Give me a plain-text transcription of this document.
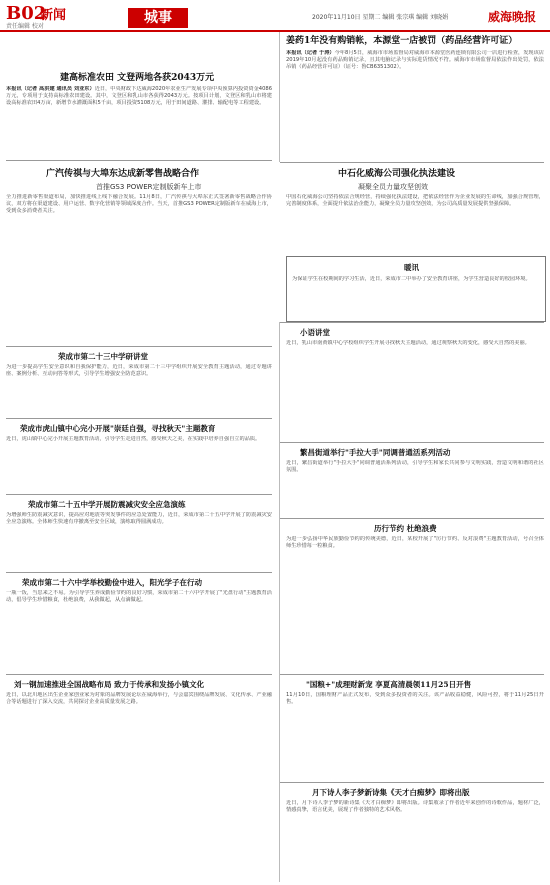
B02
新闻
责任编辑 校对
城事	2020年11月10日 星期二 编辑 张宗琪 编辑 刘晓娟	威海晚报
建高标准农田 文登两地各获2043万元
本报讯（记者 高洪建 通讯员 刘亚东）近日，中央财政下达威海2020年农业生产发展专项中央预算内投资资金4086万元，专项用于支持高标准农田建设。其中，文登区和乳山市各获得2043万元。按项目计划，文登区和乳山市将建设高标准农田4万亩，新增节水灌溉面积5千亩，项目投资5108万元，用于田间道路、灌排、输配电等工程建设。
姜药1年没有购销帐，本源堂一店被罚（药品经营许可证）
本报讯（记者 于涛）今年8月5日，威海市市场监督局对威海市本源堂医药连锁有限公司一店进行检查，发现该店2019年10月起没有药品购销记录，且其电脑记录与实际进货情况不符。威海市市场监督局依法作出处罚，依法吊销（药品经营许可证）（证号：鲁CB6351302）。
广汽传祺与大埠东达成新零售战略合作
首推GS3 POWER定制版新车上市
全力推进新零售渠道布局，加快推进线上线下融合发展。11月8日，广汽传祺与大埠东正式签署新零售战略合作协议，双方将在渠道建设、用户运营、数字化营销等领域深度合作。当天，首推GS3 POWER定制版新车在威海上市，受到众多消费者关注。
中石化威海公司强化执法建设
凝聚全员力量攻坚创效
中国石化威海公司坚持依法合规经营，持续强化执法建设，把依法经营作为企业发展的生命线，加强合规管理，完善制度体系，全面提升依法治企能力，凝聚全员力量攻坚创效，为公司高质量发展提供坚强保障。
荣成市第二十三中学研讲堂
为进一步提高学生安全意识和自我保护能力，近日，荣成市第二十三中学组织开展安全教育主题活动，通过专题讲座、案例分析、互动问答等形式，引导学生增强安全防范意识。
暖讯
为保证学生在校期间的学习生活，近日，荣成市二中举办了安全教育讲座，为学生营造良好的校园环境。
荣成市虎山镇中心完小开展"崇廷自强，寻找秋天"主题教育
近日，虎山镇中心完小开展主题教育活动，引导学生走进自然，感受秋天之美，在实践中培养自强自立的品质。
小语讲堂
近日，乳山市南黄镇中心学校组织学生开展寻找秋天主题活动，通过观察秋天的变化，感受大自然的美丽。
荣成市第二十五中学开展防震减灾安全应急演练
为增强师生防震减灾意识，提高应对地震等突发事件的应急处置能力，近日，荣成市第二十五中学开展了防震减灾安全应急演练。全体师生快速有序撤离至安全区域，演练取得圆满成功。
繁昌街道举行"手拉大手"同调普通活系列活动
近日，繁昌街道举行"手拉大手"同调普通活系列活动，引导学生和家长共同参与文明实践，营造文明和谐的社区氛围。
荣成市第二十六中学举校勤俭中进入，阳光学子在行动
一瓶一饭，当思来之不易。为引导学生养成勤俭节约的良好习惯，荣成市第二十六中学开展了"光盘行动"主题教育活动，倡导学生珍惜粮食，杜绝浪费，从我做起，从点滴做起。
历行节约 杜绝浪费
为进一步弘扬中华民族勤俭节约的传统美德，近日，某校开展了"厉行节约、反对浪费"主题教育活动，号召全体师生珍惜每一粒粮食。
刘一钢加速推进全国战略布局 致力于传承和发扬小镇文化
近日，以北川地区出生企业家创业家为对象的品牌发展论坛在威海举行，与会嘉宾围绕品牌发展、文化传承、产业融合等话题进行了深入交流，共同探讨企业高质量发展之路。
"国粮+"成理财新宠 享夏高清晨领11月25日开售
11月10日，国粮理财产品正式发布，受到众多投资者的关注。该产品收益稳健，风险可控，将于11月25日开售。
月下诗人李子梦新诗集《天才白痴梦》即将出版
近日，月下诗人李子梦的新诗集《天才白痴梦》即将出版。诗集收录了作者近年来创作的诗歌作品，题材广泛，情感真挚，语言优美，展现了作者独特的艺术风格。
